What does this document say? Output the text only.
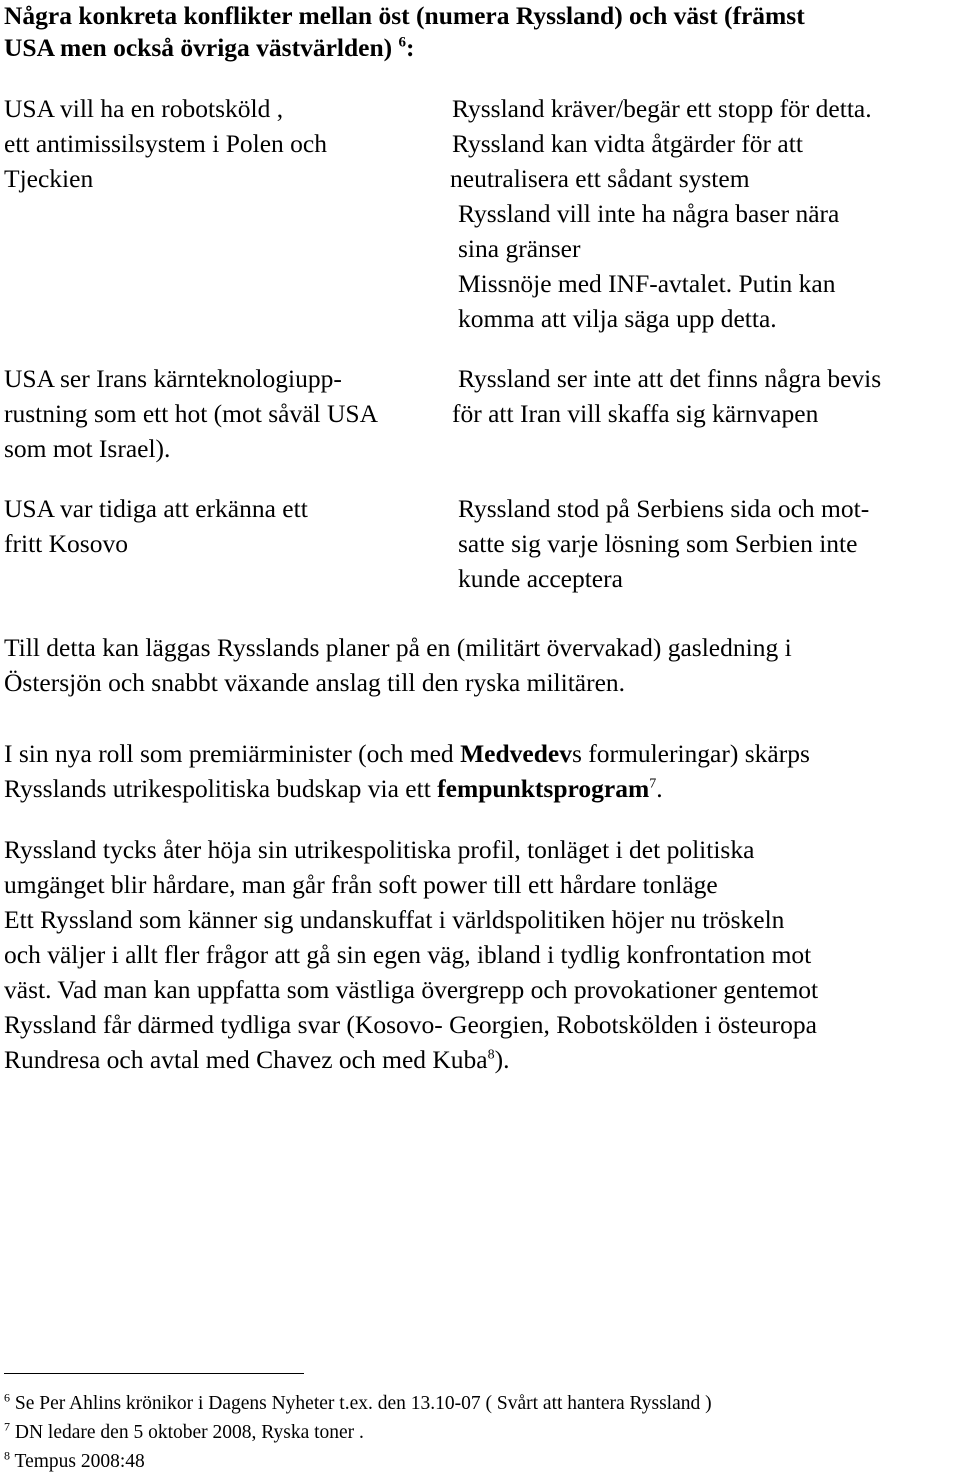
Några konkreta konflikter mellan öst (numera Ryssland) och väst (främst
USA men också övriga västvärlden) $^6$:
USA vill ha en robotsköld ,
ett antimissilsystem i Polen och
Tjeckien
Ryssland kräver/begär ett stopp för detta.
Ryssland kan vidta åtgärder för att
neutralisera ett sådant system
Ryssland vill inte ha några baser nära
sina gränser
Missnöje med INF-avtalet. Putin kan
komma att vilja säga upp detta.
USA ser Irans kärnteknologiupp-
rustning som ett hot (mot såväl USA
som mot Israel).
Ryssland ser inte att det finns några bevis
för att Iran vill skaffa sig kärnvapen
USA var tidiga att erkänna ett
fritt Kosovo
Ryssland stod på Serbiens sida och mot-
satte sig varje lösning som Serbien inte
kunde acceptera
Till detta kan läggas Rysslands planer på en (militärt övervakad) gasledning i
Östersjön och snabbt växande anslag till den ryska militären.
I sin nya roll som premiärminister (och med Medvedevs formuleringar) skärps
Rysslands utrikespolitiska budskap via ett fempunktsprogram$^7$.
Ryssland tycks åter höja sin utrikespolitiska profil, tonläget i det politiska
umgänget blir hårdare, man går från soft power till ett hårdare tonläge
Ett Ryssland som känner sig undanskuffat i världspolitiken höjer nu tröskeln
och väljer i allt fler frågor att gå sin egen väg, ibland i tydlig konfrontation mot
väst. Vad man kan uppfatta som västliga övergrepp och provokationer gentemot
Ryssland får därmed tydliga svar (Kosovo- Georgien, Robotskölden i östeuropa
Rundresa och avtal med Chavez och med Kuba$^8$).
$^6$ Se Per Ahlins krönikor i Dagens Nyheter t.ex. den 13.10-07 ( Svårt att hantera Ryssland )
$^7$ DN ledare den 5 oktober 2008, Ryska toner .
$^8$ Tempus 2008:48
